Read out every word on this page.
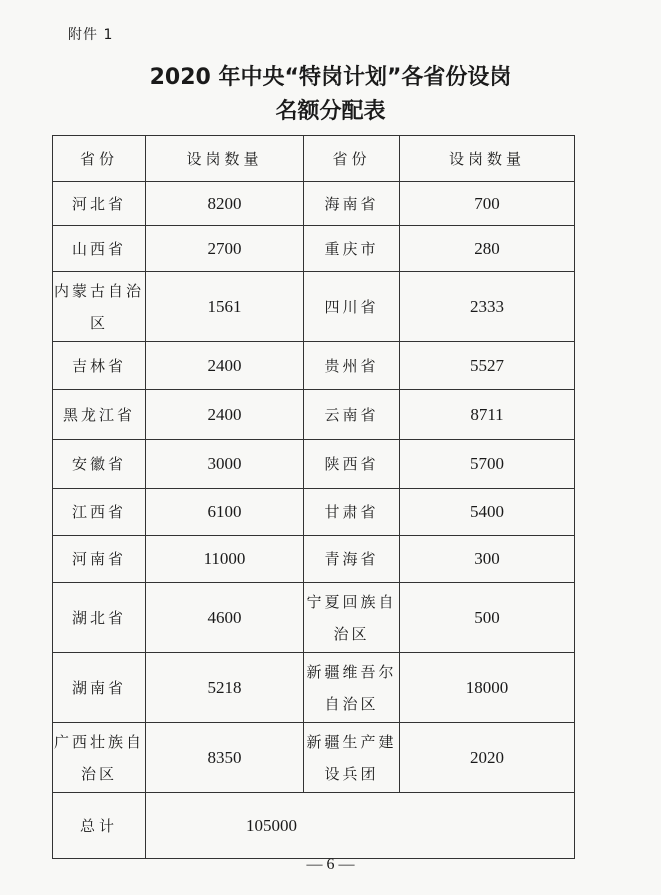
附件 1
2020 年中央“特岗计划”各省份设岗
名额分配表
省份	设岗数量	省份	设岗数量
河北省	8200	海南省	700
山西省	2700	重庆市	280
内蒙古自治区	1561	四川省	2333
吉林省	2400	贵州省	5527
黑龙江省	2400	云南省	8711
安徽省	3000	陕西省	5700
江西省	6100	甘肃省	5400
河南省	11000	青海省	300
湖北省	4600	宁夏回族自治区	500
湖南省	5218	新疆维吾尔自治区	18000
广西壮族自治区	8350	新疆生产建设兵团	2020
总计	105000		
— 6 —
